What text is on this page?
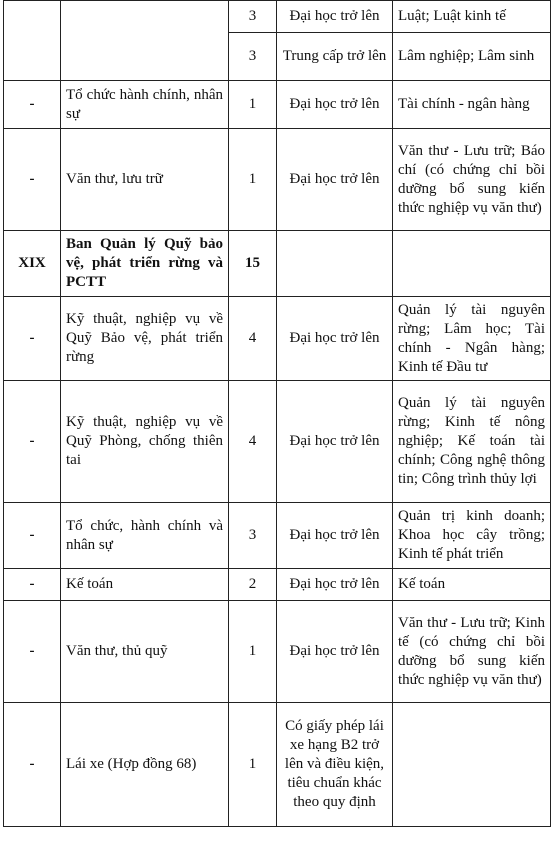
		3	Đại học trở lên	Luật; Luật kinh tế
		3	Trung cấp trở lên	Lâm nghiệp; Lâm sinh
-	Tổ chức hành chính, nhân sự	1	Đại học trở lên	Tài chính - ngân hàng
-	Văn thư, lưu trữ	1	Đại học trở lên	Văn thư - Lưu trữ; Báo chí (có chứng chỉ bồi dưỡng bổ sung kiến thức nghiệp vụ văn thư)
XIX	Ban Quản lý Quỹ bảo vệ, phát triển rừng và PCTT	15		
-	Kỹ thuật, nghiệp vụ về Quỹ Bảo vệ, phát triển rừng	4	Đại học trở lên	Quản lý tài nguyên rừng; Lâm học; Tài chính - Ngân hàng; Kinh tế Đầu tư
-	Kỹ thuật, nghiệp vụ về Quỹ Phòng, chống thiên tai	4	Đại học trở lên	Quản lý tài nguyên rừng; Kinh tế nông nghiệp; Kế toán tài chính; Công nghệ thông tin; Công trình thủy lợi
-	Tổ chức, hành chính và nhân sự	3	Đại học trở lên	Quản trị kinh doanh; Khoa học cây trồng; Kinh tế phát triển
-	Kế toán	2	Đại học trở lên	Kế toán
-	Văn thư, thủ quỹ	1	Đại học trở lên	Văn thư - Lưu trữ; Kinh tế (có chứng chỉ bồi dưỡng bổ sung kiến thức nghiệp vụ văn thư)
-	Lái xe (Hợp đồng 68)	1	Có giấy phép lái xe hạng B2 trở lên và điều kiện, tiêu chuẩn khác theo quy định	
